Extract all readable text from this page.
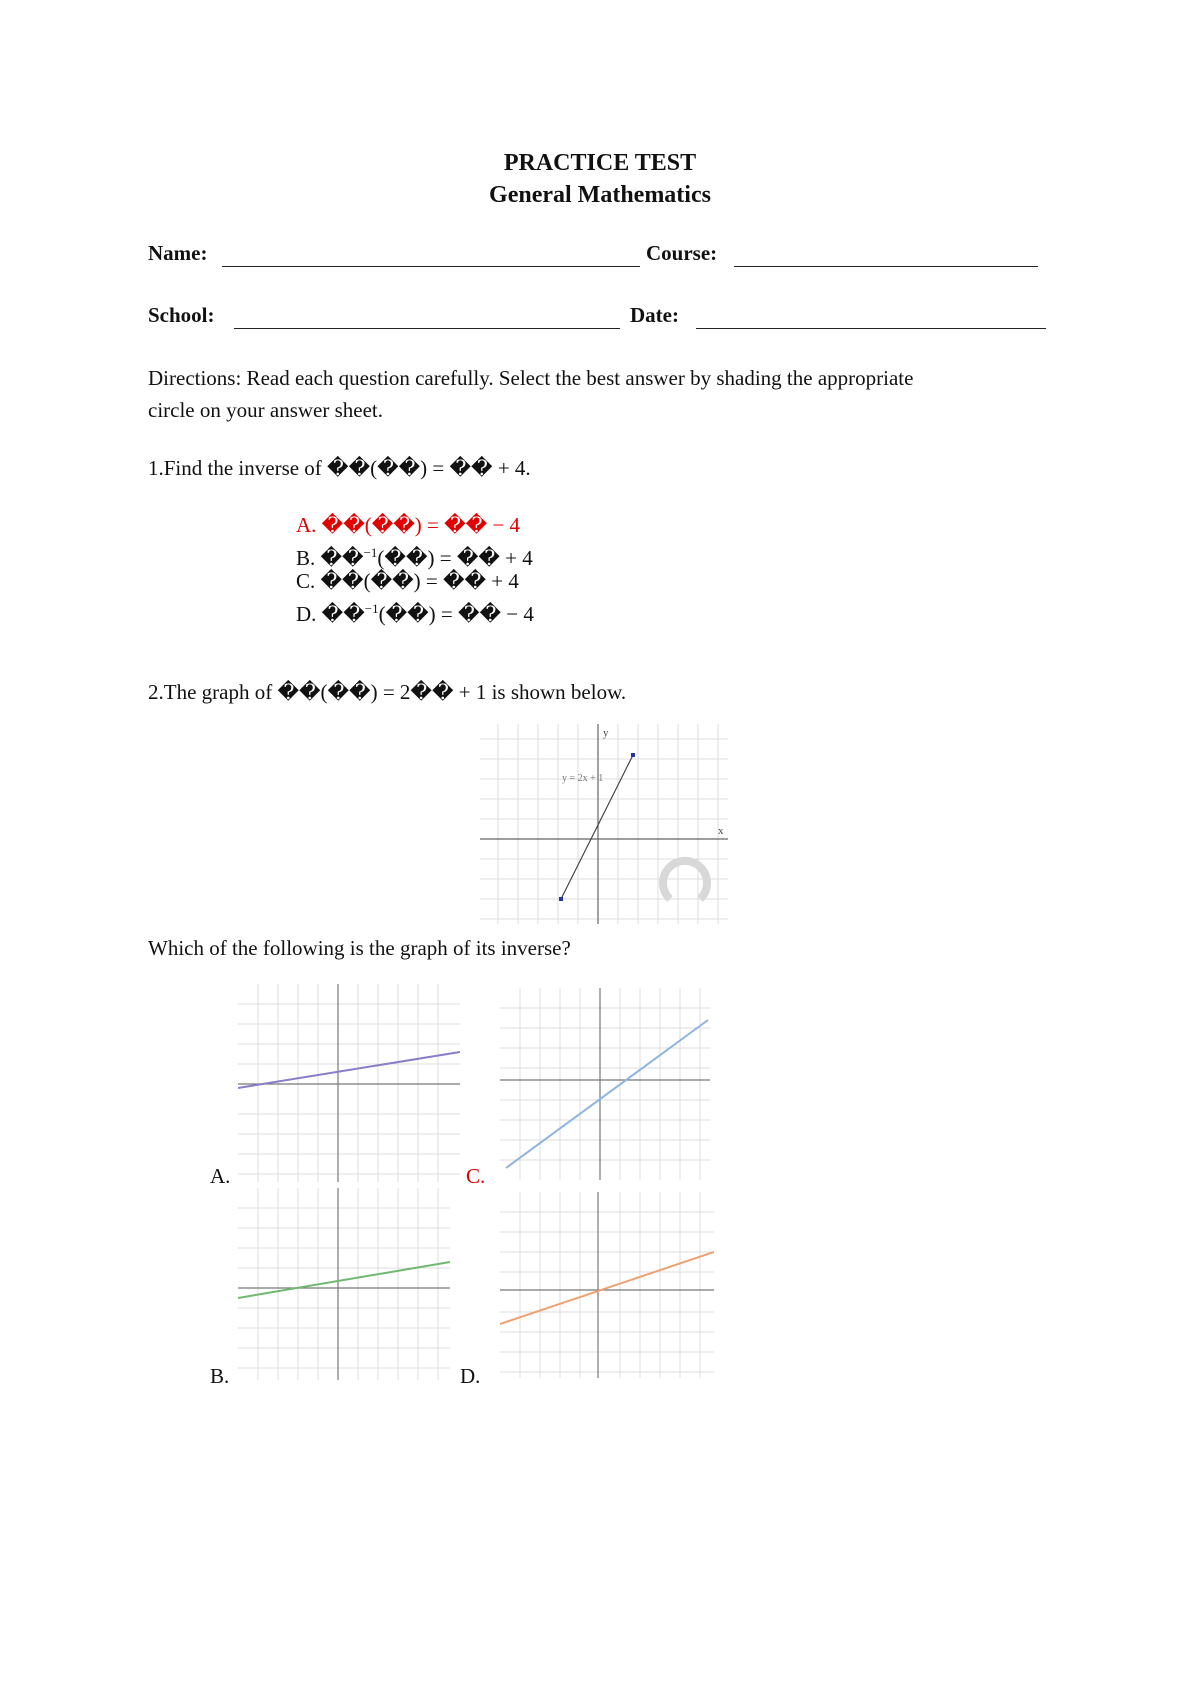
PRACTICE TEST
General Mathematics
Name:	Course:
School:	Date:
Directions: Read each question carefully. Select the best answer by shading the appropriate
circle on your answer sheet.
1.Find the inverse of ��(��) = �� + 4.
A. ��(��) = �� − 4
B. ��$^{-1}$(��) = �� + 4
C. ��(��) = �� + 4
D. ��$^{-1}$(��) = �� − 4
2.The graph of ��(��) = 2�� + 1 is shown below.
y = 2x + 1
y
x
Which of the following is the graph of its inverse?
A.	C.
B.	D.
